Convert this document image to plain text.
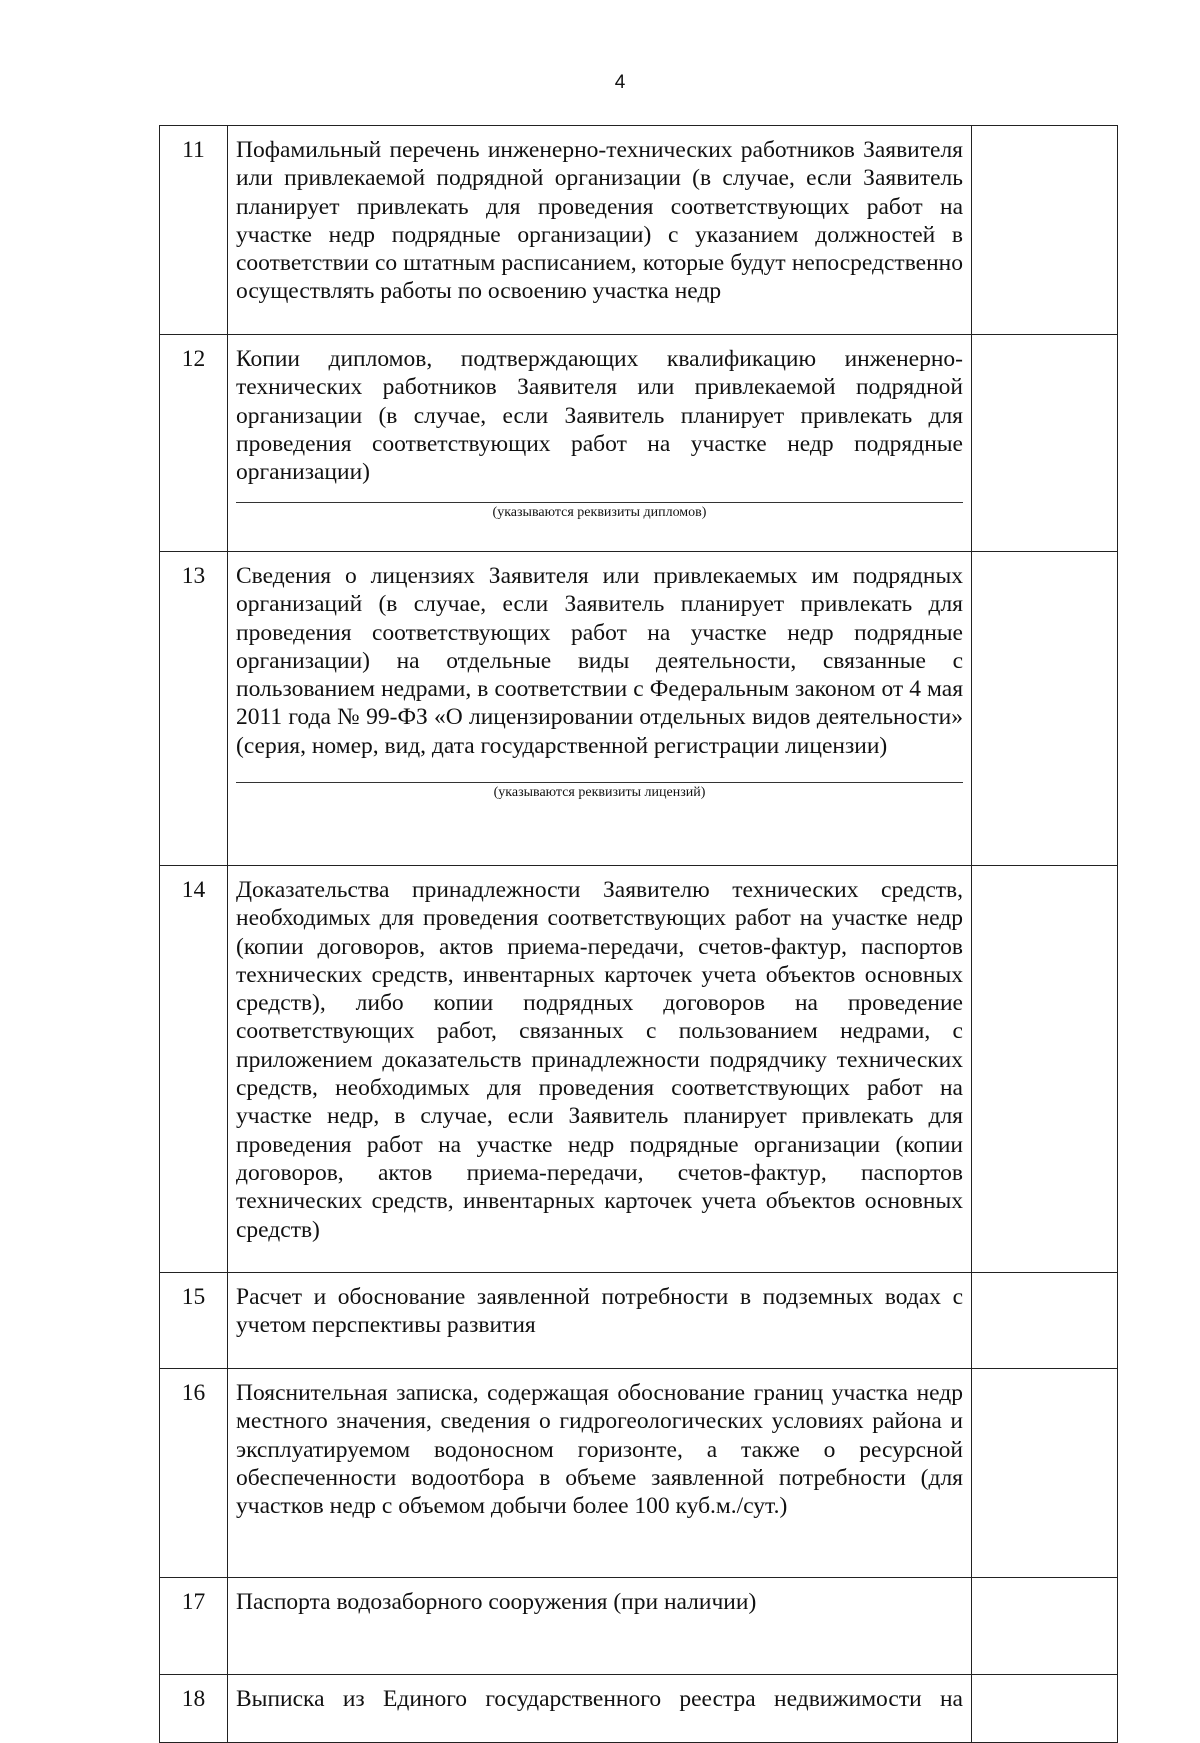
4
11	Пофамильный перечень инженерно-технических работников Заявителя или привлекаемой подрядной организации (в случае, если Заявитель планирует привлекать для проведения соответствующих работ на участке недр подрядные организации) с указанием должностей в соответствии со штатным расписанием, которые будут непосредственно осуществлять работы по освоению участка недр	

12	Копии дипломов, подтверждающих квалификацию инженерно-технических работников Заявителя или привлекаемой подрядной организации (в случае, если Заявитель планирует привлекать для проведения соответствующих работ на участке недр подрядные организации)
(указываются реквизиты дипломов)	

13	Сведения о лицензиях Заявителя или привлекаемых им подрядных организаций (в случае, если Заявитель планирует привлекать для проведения соответствующих работ на участке недр подрядные организации) на отдельные виды деятельности, связанные с пользованием недрами, в соответствии с Федеральным законом от 4 мая 2011 года № 99-ФЗ «О лицензировании отдельных видов деятельности» (серия, номер, вид, дата государственной регистрации лицензии)
(указываются реквизиты лицензий)	

14	Доказательства принадлежности Заявителю технических средств, необходимых для проведения соответствующих работ на участке недр (копии договоров, актов приема-передачи, счетов-фактур, паспортов технических средств, инвентарных карточек учета объектов основных средств), либо копии подрядных договоров на проведение соответствующих работ, связанных с пользованием недрами, с приложением доказательств принадлежности подрядчику технических средств, необходимых для проведения соответствующих работ на участке недр, в случае, если Заявитель планирует привлекать для проведения работ на участке недр подрядные организации (копии договоров, актов приема-передачи, счетов-фактур, паспортов технических средств, инвентарных карточек учета объектов основных средств)	

15	Расчет и обоснование заявленной потребности в подземных водах с учетом перспективы развития	

16	Пояснительная записка, содержащая обоснование границ участка недр местного значения, сведения о гидрогеологических условиях района и эксплуатируемом водоносном горизонте, а также о ресурсной обеспеченности водоотбора в объеме заявленной потребности (для участков недр с объемом добычи более 100 куб.м./сут.)	

17	Паспорта водозаборного сооружения (при наличии)	

18	Выписка из Единого государственного реестра недвижимости на	
